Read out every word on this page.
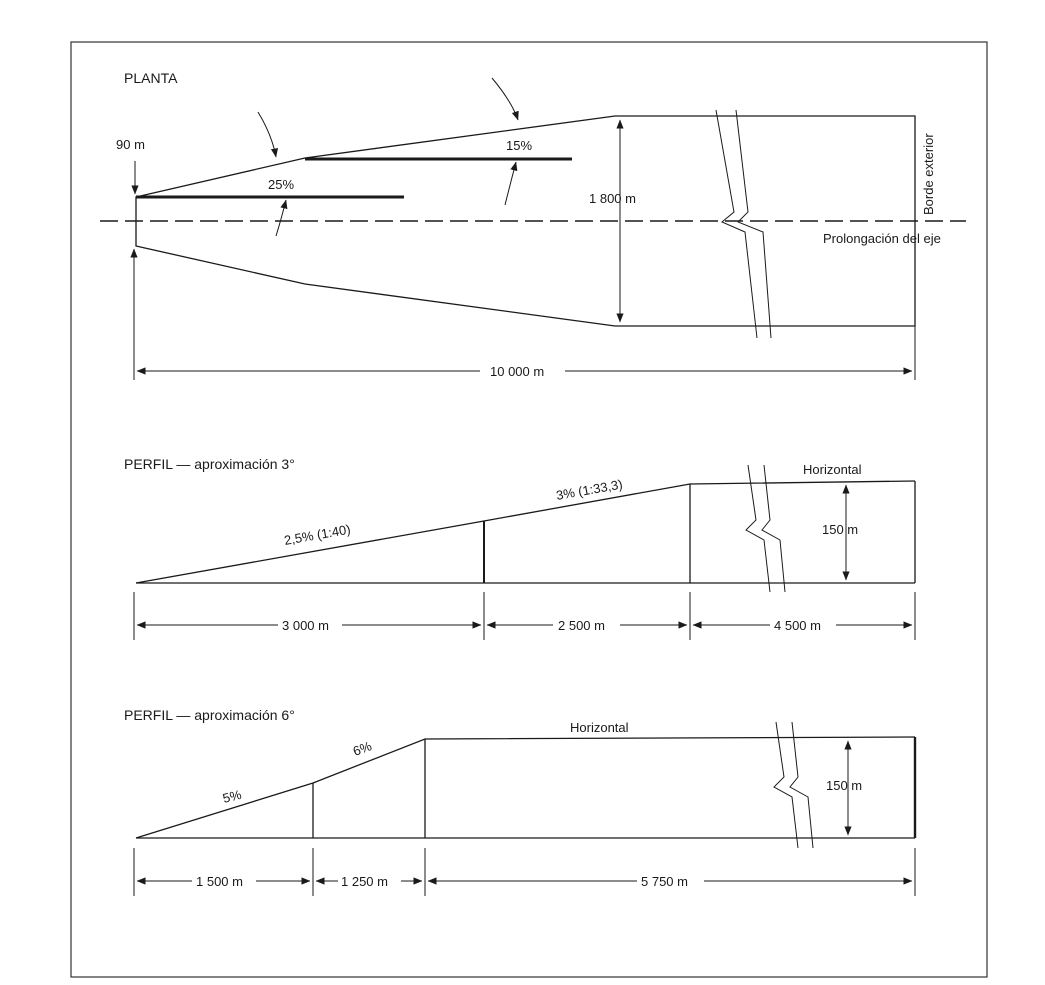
PLANTA
90 m
25%
15%
1 800 m	Borde exterior
Prolongación del eje
10 000 m
PERFIL — aproximación 3°
2,5% (1:40)
3% (1:33,3)
Horizontal
150 m
3 000 m	2 500 m	4 500 m
PERFIL — aproximación 6°
5%
6%
Horizontal
150 m
1 500 m	1 250 m	5 750 m
